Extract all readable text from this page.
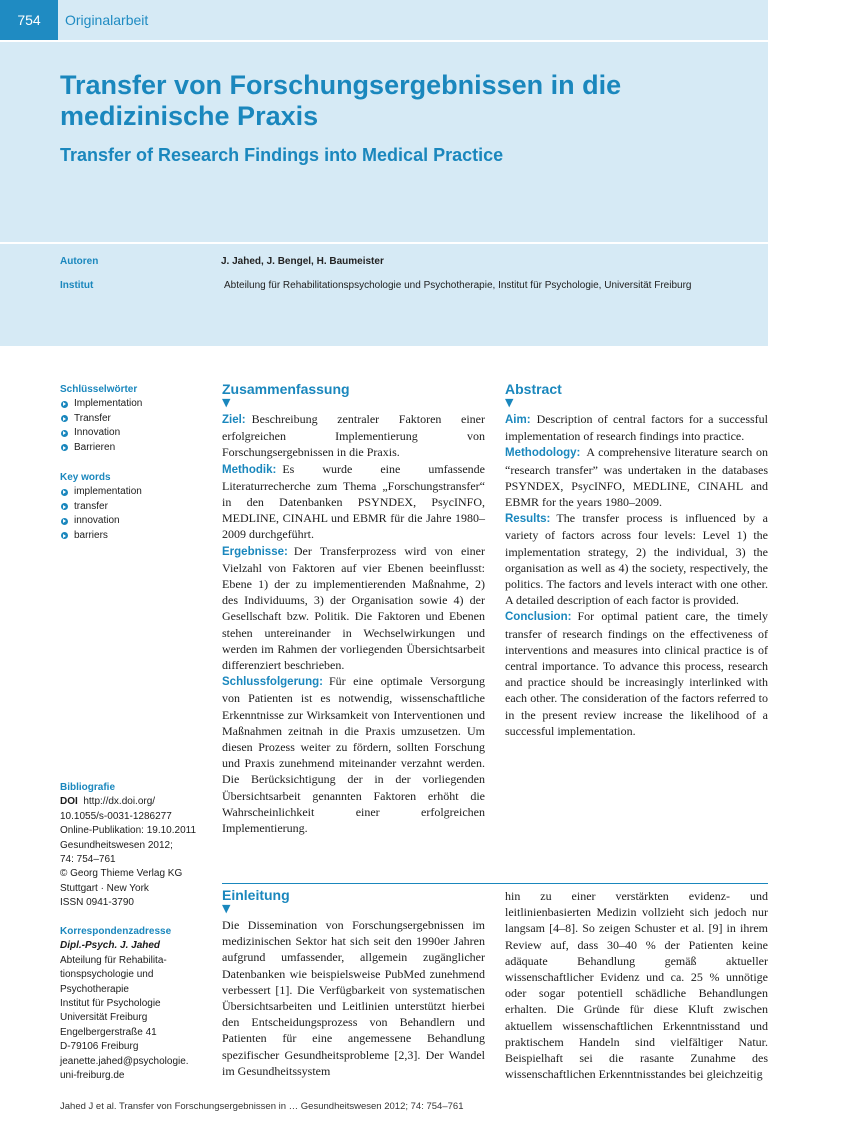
754	Originalarbeit
Transfer von Forschungsergebnissen in die medizinische Praxis
Transfer of Research Findings into Medical Practice
Autoren	J. Jahed, J. Bengel, H. Baumeister
Institut	Abteilung für Rehabilitationspsychologie und Psychotherapie, Institut für Psychologie, Universität Freiburg
Schlüsselwörter
Implementation
Transfer
Innovation
Barrieren
Key words
implementation
transfer
innovation
barriers
Bibliografie
DOI http://dx.doi.org/
10.1055/s-0031-1286277
Online-Publikation: 19.10.2011
Gesundheitswesen 2012;
74: 754–761
© Georg Thieme Verlag KG
Stuttgart · New York
ISSN 0941-3790
Korrespondenzadresse
Dipl.-Psych. J. Jahed
Abteilung für Rehabilita-
tionspsychologie und
Psychotherapie
Institut für Psychologie
Universität Freiburg
Engelbergerstraße 41
D-79106 Freiburg
jeanette.jahed@psychologie.
uni-freiburg.de
Zusammenfassung
▼

Ziel: Beschreibung zentraler Faktoren einer erfolgreichen Implementierung von Forschungsergebnissen in die Praxis.

Methodik: Es wurde eine umfassende Literaturrecherche zum Thema „Forschungstransfer“ in den Datenbanken PSYNDEX, PsycINFO, MEDLINE, CINAHL und EBMR für die Jahre 1980–2009 durchgeführt.

Ergebnisse: Der Transferprozess wird von einer Vielzahl von Faktoren auf vier Ebenen beeinflusst: Ebene 1) der zu implementierenden Maßnahme, 2) des Individuums, 3) der Organisation sowie 4) der Gesellschaft bzw. Politik. Die Faktoren und Ebenen stehen untereinander in Wechselwirkungen und werden im Rahmen der vorliegenden Übersichtsarbeit differenziert beschrieben.

Schlussfolgerung: Für eine optimale Versorgung von Patienten ist es notwendig, wissenschaftliche Erkenntnisse zur Wirksamkeit von Interventionen und Maßnahmen zeitnah in die Praxis umzusetzen. Um diesen Prozess weiter zu fördern, sollten Forschung und Praxis zunehmend miteinander verzahnt werden. Die Berücksichtigung der in der vorliegenden Übersichtsarbeit genannten Faktoren erhöht die Wahrscheinlichkeit einer erfolgreichen Implementierung.

Abstract
▼

Aim: Description of central factors for a successful implementation of research findings into practice.

Methodology: A comprehensive literature search on “research transfer” was undertaken in the databases PSYNDEX, PsycINFO, MEDLINE, CINAHL and EBMR for the years 1980–2009.

Results: The transfer process is influenced by a variety of factors across four levels: Level 1) the implementation strategy, 2) the individual, 3) the organisation as well as 4) the society, respectively, the politics. The factors and levels interact with one other. A detailed description of each factor is provided.

Conclusion: For optimal patient care, the timely transfer of research findings on the effectiveness of interventions and measures into clinical practice is of central importance. To advance this process, research and practice should be increasingly interlinked with each other. The consideration of the factors referred to in the present review increase the likelihood of a successful implementation.

Einleitung
▼
Die Dissemination von Forschungsergebnissen im medizinischen Sektor hat sich seit den 1990er Jahren aufgrund umfassender, allgemein zugänglicher Datenbanken wie beispielsweise PubMed zunehmend verbessert [1]. Die Verfügbarkeit von systematischen Übersichtsarbeiten und Leitlinien unterstützt hierbei den Entscheidungsprozess von Behandlern und Patienten für eine angemessene Behandlung spezifischer Gesundheitsprobleme [2,3]. Der Wandel im Gesundheitssystem
hin zu einer verstärkten evidenz- und leitlinienbasierten Medizin vollzieht sich jedoch nur langsam [4–8]. So zeigen Schuster et al. [9] in ihrem Review auf, dass 30–40 % der Patienten keine adäquate Behandlung gemäß aktueller wissenschaftlicher Evidenz und ca. 25 % unnötige oder sogar potentiell schädliche Behandlungen erhalten. Die Gründe für diese Kluft zwischen aktuellem wissenschaftlichen Erkenntnisstand und praktischem Handeln sind vielfältiger Natur. Beispielhaft sei die rasante Zunahme des wissenschaftlichen Erkenntnisstandes bei gleichzeitig
Jahed J et al. Transfer von Forschungsergebnissen in … Gesundheitswesen 2012; 74: 754–761
